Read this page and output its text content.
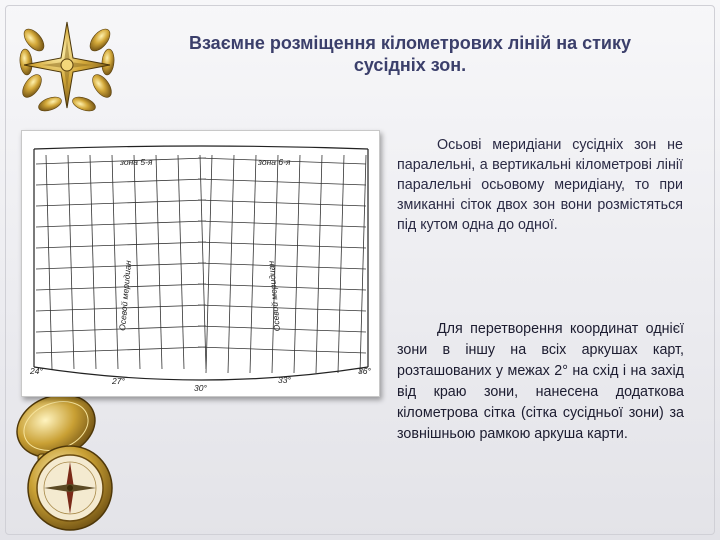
Взаємне розміщення кілометрових ліній на стику
сусідніх зон.
зона 5-я	зона 6-я
Осевой меридиан	Осевой меридиан
24°
27°
30°
33°
36°

Осьові меридіани сусідніх зон не паралельні, а вертикальні кілометрові лінії паралельні осьовому меридіану, то при змиканні сіток двох зон вони розмістяться під кутом одна до одної.

Для перетворення координат однієї зони в іншу на всіх аркушах карт, розташованих у межах 2° на схід і на захід від краю зони, нанесена додаткова кілометрова сітка (сітка сусідньої зони) за зовнішньою рамкою аркуша карти.
